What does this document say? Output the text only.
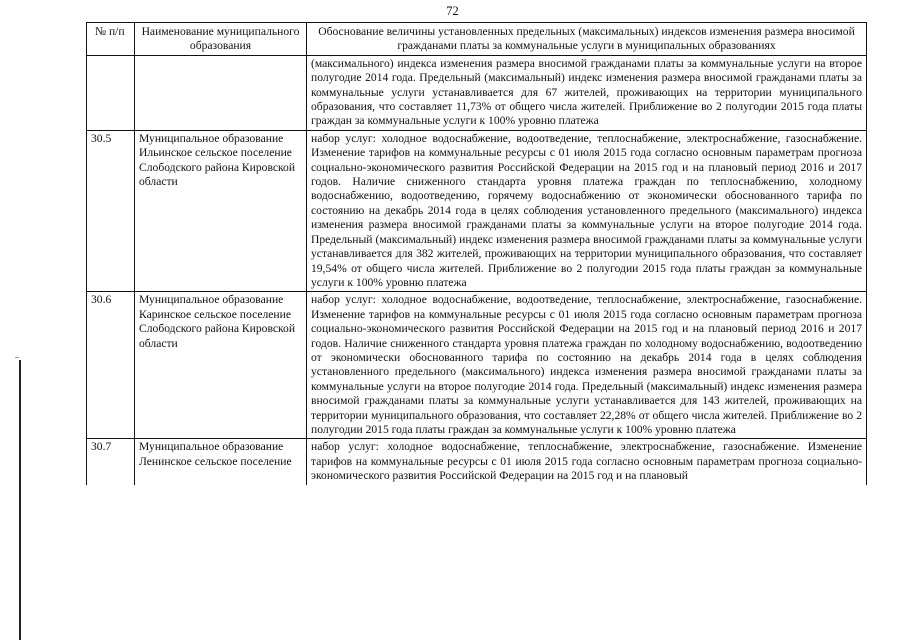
72
№ п/п	Наименование муниципального образования	Обоснование величины установленных предельных (максимальных) индексов изменения размера вносимой гражданами платы за коммунальные услуги в муниципальных образованиях
		(максимального) индекса изменения размера вносимой гражданами платы за коммунальные услуги на второе полугодие 2014 года. Предельный (максимальный) индекс изменения размера вносимой гражданами платы за коммунальные услуги устанавливается для 67 жителей, проживающих на территории муниципального образования, что составляет 11,73% от общего числа жителей. Приближение во 2 полугодии 2015 года платы граждан за коммунальные услуги к 100% уровню платежа
30.5	Муниципальное образование Ильинское сельское поселение Слободского района Кировской области	набор услуг: холодное водоснабжение, водоотведение, теплоснабжение, электроснабжение, газоснабжение. Изменение тарифов на коммунальные ресурсы с 01 июля 2015 года согласно основным параметрам прогноза социально-экономического развития Российской Федерации на 2015 год и на плановый период 2016 и 2017 годов. Наличие сниженного стандарта уровня платежа граждан по теплоснабжению, холодному водоснабжению, водоотведению, горячему водоснабжению от экономически обоснованного тарифа по состоянию на декабрь 2014 года в целях соблюдения установленного предельного (максимального) индекса изменения размера вносимой гражданами платы за коммунальные услуги на второе полугодие 2014 года. Предельный (максимальный) индекс изменения размера вносимой гражданами платы за коммунальные услуги устанавливается для 382 жителей, проживающих на территории муниципального образования, что составляет 19,54% от общего числа жителей. Приближение во 2 полугодии 2015 года платы граждан за коммунальные услуги к 100% уровню платежа
30.6	Муниципальное образование Каринское сельское поселение Слободского района Кировской области	набор услуг: холодное водоснабжение, водоотведение, теплоснабжение, электроснабжение, газоснабжение. Изменение тарифов на коммунальные ресурсы с 01 июля 2015 года согласно основным параметрам прогноза социально-экономического развития Российской Федерации на 2015 год и на плановый период 2016 и 2017 годов. Наличие сниженного стандарта уровня платежа граждан по холодному водоснабжению, водоотведению от экономически обоснованного тарифа по состоянию на декабрь 2014 года в целях соблюдения установленного предельного (максимального) индекса изменения размера вносимой гражданами платы за коммунальные услуги на второе полугодие 2014 года. Предельный (максимальный) индекс изменения размера вносимой гражданами платы за коммунальные услуги устанавливается для 143 жителей, проживающих на территории муниципального образования, что составляет 22,28% от общего числа жителей. Приближение во 2 полугодии 2015 года платы граждан за коммунальные услуги к 100% уровню платежа
30.7	Муниципальное образование Ленинское сельское поселение	набор услуг: холодное водоснабжение, теплоснабжение, электроснабжение, газоснабжение. Изменение тарифов на коммунальные ресурсы с 01 июля 2015 года согласно основным параметрам прогноза социально-экономического развития Российской Федерации на 2015 год и на плановый
